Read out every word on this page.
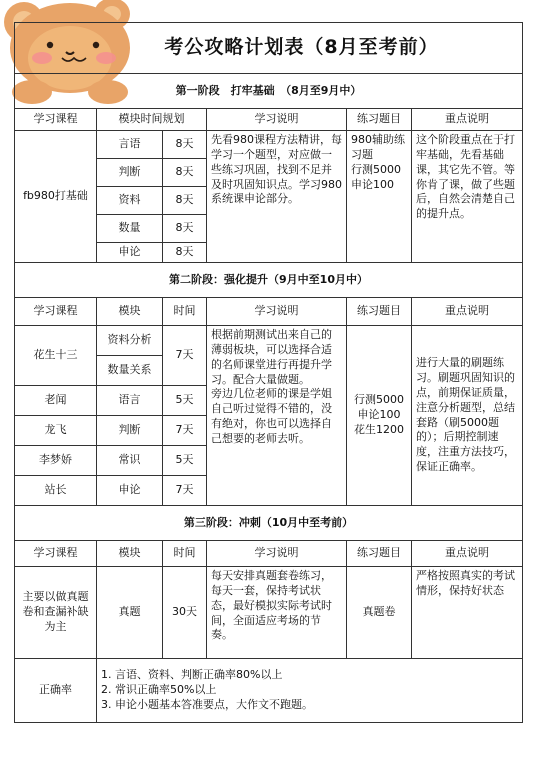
考公攻略计划表（8月至考前）					
第一阶段　打牢基础　（8月至9月中）					
学习课程	模块时间规划		学习说明	练习题目	重点说明
fb980打基础	言语	8天	先看980课程方法精讲，每学习一个题型，对应做一些练习巩固，找到不足并及时巩固知识点。学习980系统课申论部分。	980辅助练习题
行测5000
申论100	这个阶段重点在于打牢基础，先看基础课，其它先不管。等你肯了课，做了些题后，自然会清楚自己的提升点。
	判断	8天			
	资料	8天			
	数量	8天			
	申论	8天			
第二阶段：强化提升（9月中至10月中）					
学习课程	模块	时间	学习说明	练习题目	重点说明
花生十三	资料分析	7天	根据前期测试出来自己的薄弱板块，可以选择合适的名师课堂进行再提升学习。配合大量做题。
旁边几位老师的课是学姐自己听过觉得不错的，没有绝对，你也可以选择自己想要的老师去听。	行测5000
申论100
花生1200	进行大量的刷题练习。刷题巩固知识的点，前期保证质量，注意分析题型，总结套路（刷5000题的）；后期控制速度，注重方法技巧，保证正确率。
	数量关系				
老闻	语言	5天			
龙飞	判断	7天			
李梦娇	常识	5天			
站长	申论	7天			
第三阶段：冲刺（10月中至考前）					
学习课程	模块	时间	学习说明	练习题目	重点说明
主要以做真题卷和查漏补缺为主	真题	30天	每天安排真题套卷练习，每天一套，保持考试状态，最好模拟实际考试时间，全面适应考场的节奏。	真题卷	严格按照真实的考试情形，保持好状态
正确率	1. 言语、资料、判断正确率80%以上
2. 常识正确率50%以上
3. 申论小题基本答准要点，大作文不跑题。				
